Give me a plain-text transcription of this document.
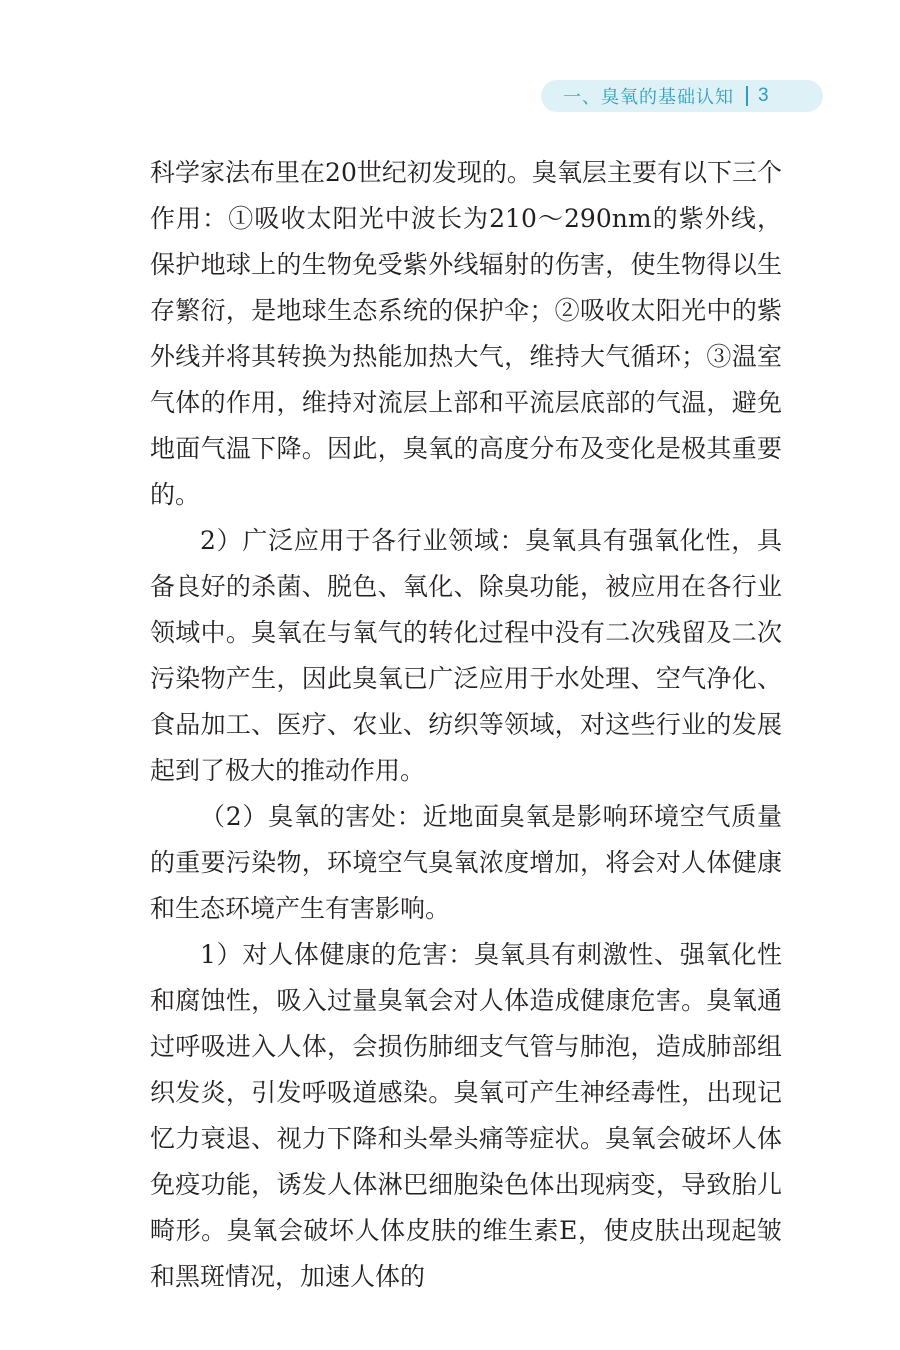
一、臭氧的基础认知 3

科学家法布里在20世纪初发现的。臭氧层主要有以下三个作用：①吸收太阳光中波长为210～290nm的紫外线，保护地球上的生物免受紫外线辐射的伤害，使生物得以生存繁衍，是地球生态系统的保护伞；②吸收太阳光中的紫外线并将其转换为热能加热大气，维持大气循环；③温室气体的作用，维持对流层上部和平流层底部的气温，避免地面气温下降。因此，臭氧的高度分布及变化是极其重要的。

2）广泛应用于各行业领域：臭氧具有强氧化性，具备良好的杀菌、脱色、氧化、除臭功能，被应用在各行业领域中。臭氧在与氧气的转化过程中没有二次残留及二次污染物产生，因此臭氧已广泛应用于水处理、空气净化、食品加工、医疗、农业、纺织等领域，对这些行业的发展起到了极大的推动作用。

（2）臭氧的害处：近地面臭氧是影响环境空气质量的重要污染物，环境空气臭氧浓度增加，将会对人体健康和生态环境产生有害影响。

1）对人体健康的危害：臭氧具有刺激性、强氧化性和腐蚀性，吸入过量臭氧会对人体造成健康危害。臭氧通过呼吸进入人体，会损伤肺细支气管与肺泡，造成肺部组织发炎，引发呼吸道感染。臭氧可产生神经毒性，出现记忆力衰退、视力下降和头晕头痛等症状。臭氧会破坏人体免疫功能，诱发人体淋巴细胞染色体出现病变，导致胎儿畸形。臭氧会破坏人体皮肤的维生素E，使皮肤出现起皱和黑斑情况，加速人体的
